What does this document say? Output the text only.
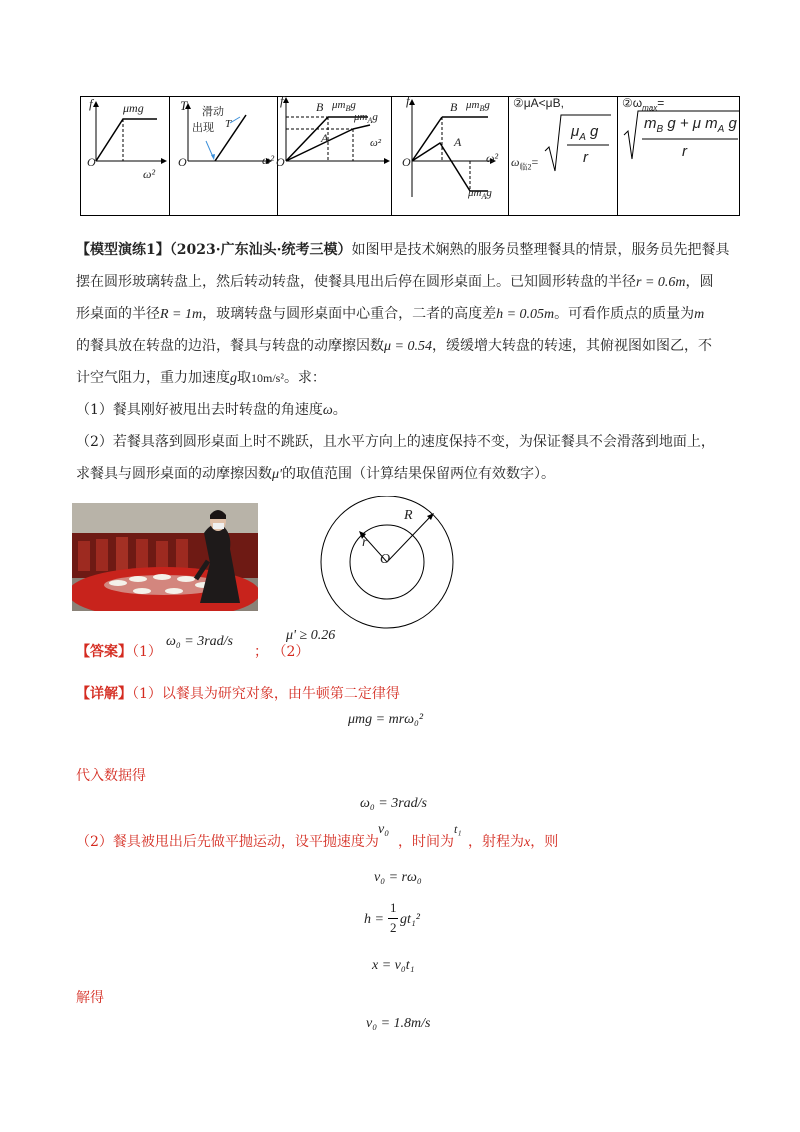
f	μmg
O
ω²

T 滑动
出现 T
O	ω²

f	B $\mu m_Bg$
$\mu m_Ag$
A
O
ω²

f	B $\mu m_Bg$
A
O	ω²
$\mu m_Ag$

②μA<μB,
$\omega_{临2}=$
$\mu_A$ g
r

$②\omega_{max}=$
$m_B$ g + μ $m_A$ g
r
【模型演练1】（2023·广东汕头·统考三模）如图甲是技术娴熟的服务员整理餐具的情景，服务员先把餐具
摆在圆形玻璃转盘上，然后转动转盘，使餐具甩出后停在圆形桌面上。已知圆形转盘的半径r = 0.6m，圆
形桌面的半径R = 1m，玻璃转盘与圆形桌面中心重合，二者的高度差h = 0.05m。可看作质点的质量为m
的餐具放在转盘的边沿，餐具与转盘的动摩擦因数μ = 0.54，缓缓增大转盘的转速，其俯视图如图乙，不
计空气阻力，重力加速度g取10m/s²。求：
（1）餐具刚好被甩出去时转盘的角速度ω。
（2）若餐具落到圆形桌面上时不跳跃，且水平方向上的速度保持不变，为保证餐具不会滑落到地面上，
求餐具与圆形桌面的动摩擦因数μ'的取值范围（计算结果保留两位有效数字）。
R
r
O
【答案】（1）
ω₀ = 3rad/s
； （2）
μ' ≥ 0.26
【详解】（1）以餐具为研究对象，由牛顿第二定律得
μmg = mrω₀²
代入数据得
ω₀ = 3rad/s
（2）餐具被甩出后先做平抛运动，设平抛速度为
v₀
，时间为
t₁
，射程为x，则
v₀ = rω₀
h =
1
2
gt₁²
x = v₀t₁
解得
v₀ = 1.8m/s
